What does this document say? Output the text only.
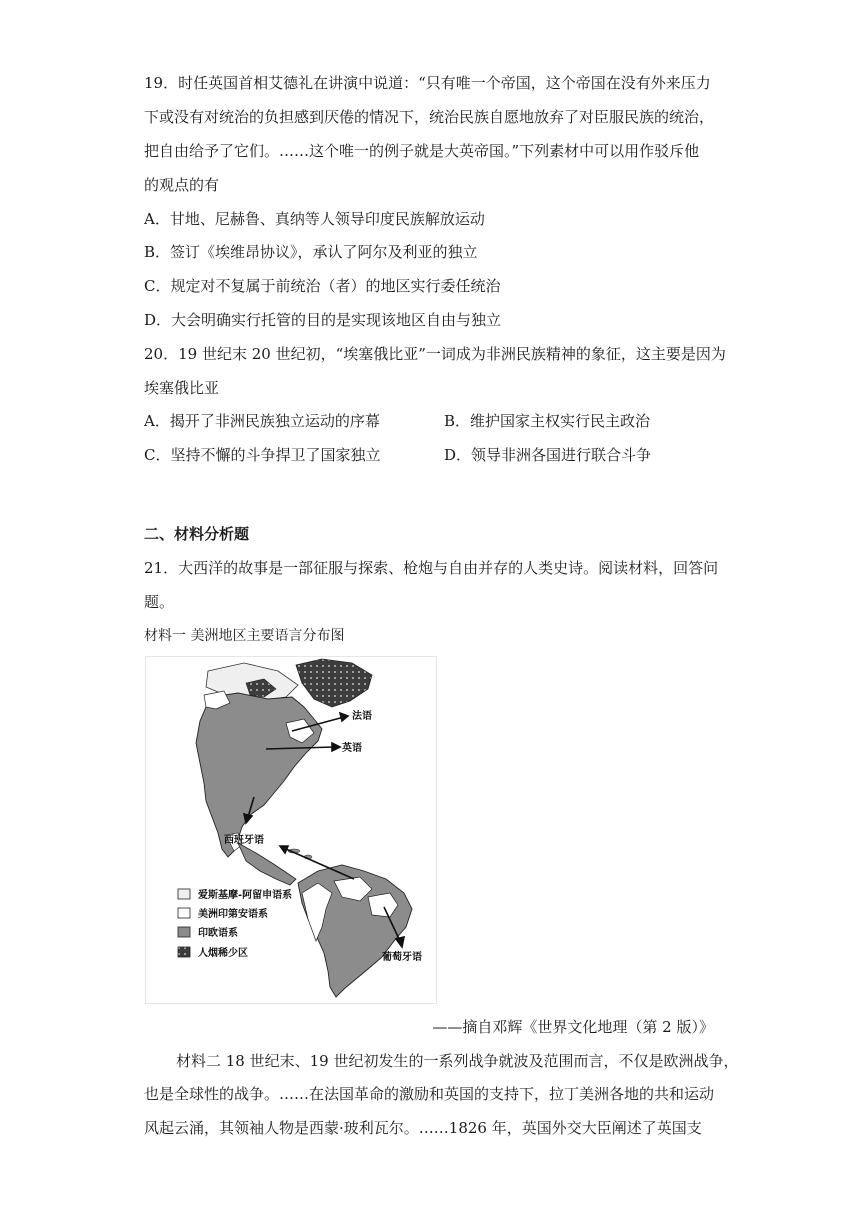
19．时任英国首相艾德礼在讲演中说道：“只有唯一个帝国，这个帝国在没有外来压力
下或没有对统治的负担感到厌倦的情况下，统治民族自愿地放弃了对臣服民族的统治，
把自由给予了它们。……这个唯一的例子就是大英帝国。”下列素材中可以用作驳斥他
的观点的有
A．甘地、尼赫鲁、真纳等人领导印度民族解放运动
B．签订《埃维昂协议》，承认了阿尔及利亚的独立
C．规定对不复属于前统治（者）的地区实行委任统治
D．大会明确实行托管的目的是实现该地区自由与独立
20．19 世纪末 20 世纪初，“埃塞俄比亚”一词成为非洲民族精神的象征，这主要是因为
埃塞俄比亚
A．揭开了非洲民族独立运动的序幕	B．维护国家主权实行民主政治
C．坚持不懈的斗争捍卫了国家独立	D．领导非洲各国进行联合斗争
二、材料分析题
21．大西洋的故事是一部征服与探索、枪炮与自由并存的人类史诗。阅读材料，回答问
题。
材料一 美洲地区主要语言分布图
法语
英语
西班牙语
葡萄牙语
爱斯基摩-阿留申语系
美洲印第安语系
印欧语系
人烟稀少区
——摘自邓辉《世界文化地理（第 2 版）》
材料二 18 世纪末、19 世纪初发生的一系列战争就波及范围而言，不仅是欧洲战争，
也是全球性的战争。……在法国革命的激励和英国的支持下，拉丁美洲各地的共和运动
风起云涌，其领袖人物是西蒙·玻利瓦尔。……1826 年，英国外交大臣阐述了英国支
